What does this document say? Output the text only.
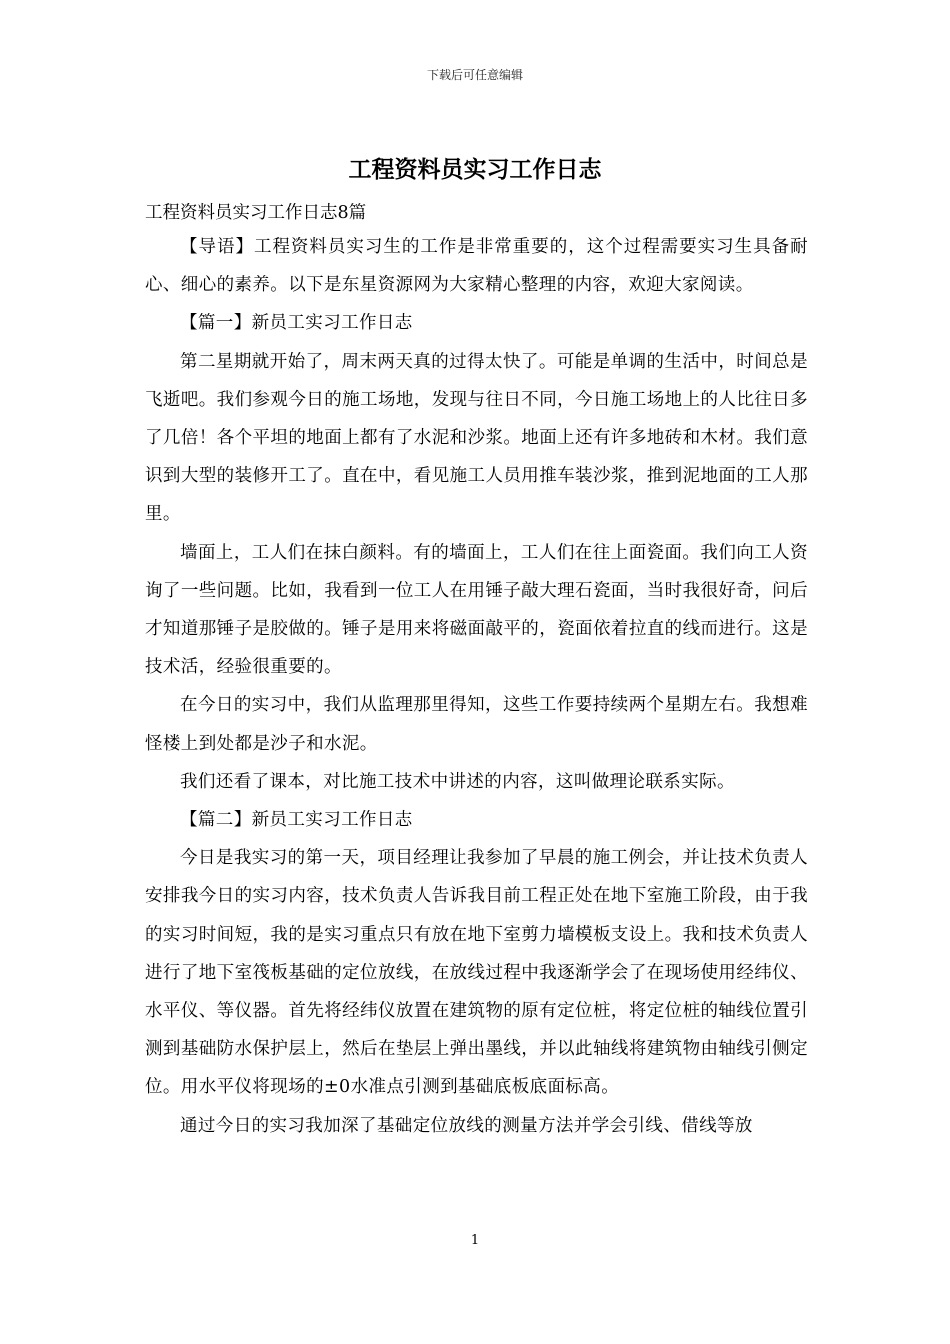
下载后可任意编辑
工程资料员实习工作日志

工程资料员实习工作日志8篇

【导语】工程资料员实习生的工作是非常重要的，这个过程需要实习生具备耐心、细心的素养。以下是东星资源网为大家精心整理的内容，欢迎大家阅读。

【篇一】新员工实习工作日志

第二星期就开始了，周末两天真的过得太快了。可能是单调的生活中，时间总是飞逝吧。我们参观今日的施工场地，发现与往日不同，今日施工场地上的人比往日多了几倍！各个平坦的地面上都有了水泥和沙浆。地面上还有许多地砖和木材。我们意识到大型的装修开工了。直在中，看见施工人员用推车装沙浆，推到泥地面的工人那里。

墙面上，工人们在抹白颜料。有的墙面上，工人们在往上面瓷面。我们向工人资询了一些问题。比如，我看到一位工人在用锤子敲大理石瓷面，当时我很好奇，问后才知道那锤子是胶做的。锤子是用来将磁面敲平的，瓷面依着拉直的线而进行。这是技术活，经验很重要的。

在今日的实习中，我们从监理那里得知，这些工作要持续两个星期左右。我想难怪楼上到处都是沙子和水泥。

我们还看了课本，对比施工技术中讲述的内容，这叫做理论联系实际。

【篇二】新员工实习工作日志

今日是我实习的第一天，项目经理让我参加了早晨的施工例会，并让技术负责人安排我今日的实习内容，技术负责人告诉我目前工程正处在地下室施工阶段，由于我的实习时间短，我的是实习重点只有放在地下室剪力墙模板支设上。我和技术负责人进行了地下室筏板基础的定位放线，在放线过程中我逐渐学会了在现场使用经纬仪、水平仪、等仪器。首先将经纬仪放置在建筑物的原有定位桩，将定位桩的轴线位置引测到基础防水保护层上，然后在垫层上弹出墨线，并以此轴线将建筑物由轴线引侧定位。用水平仪将现场的±0水准点引测到基础底板底面标高。

通过今日的实习我加深了基础定位放线的测量方法并学会引线、借线等放

1
